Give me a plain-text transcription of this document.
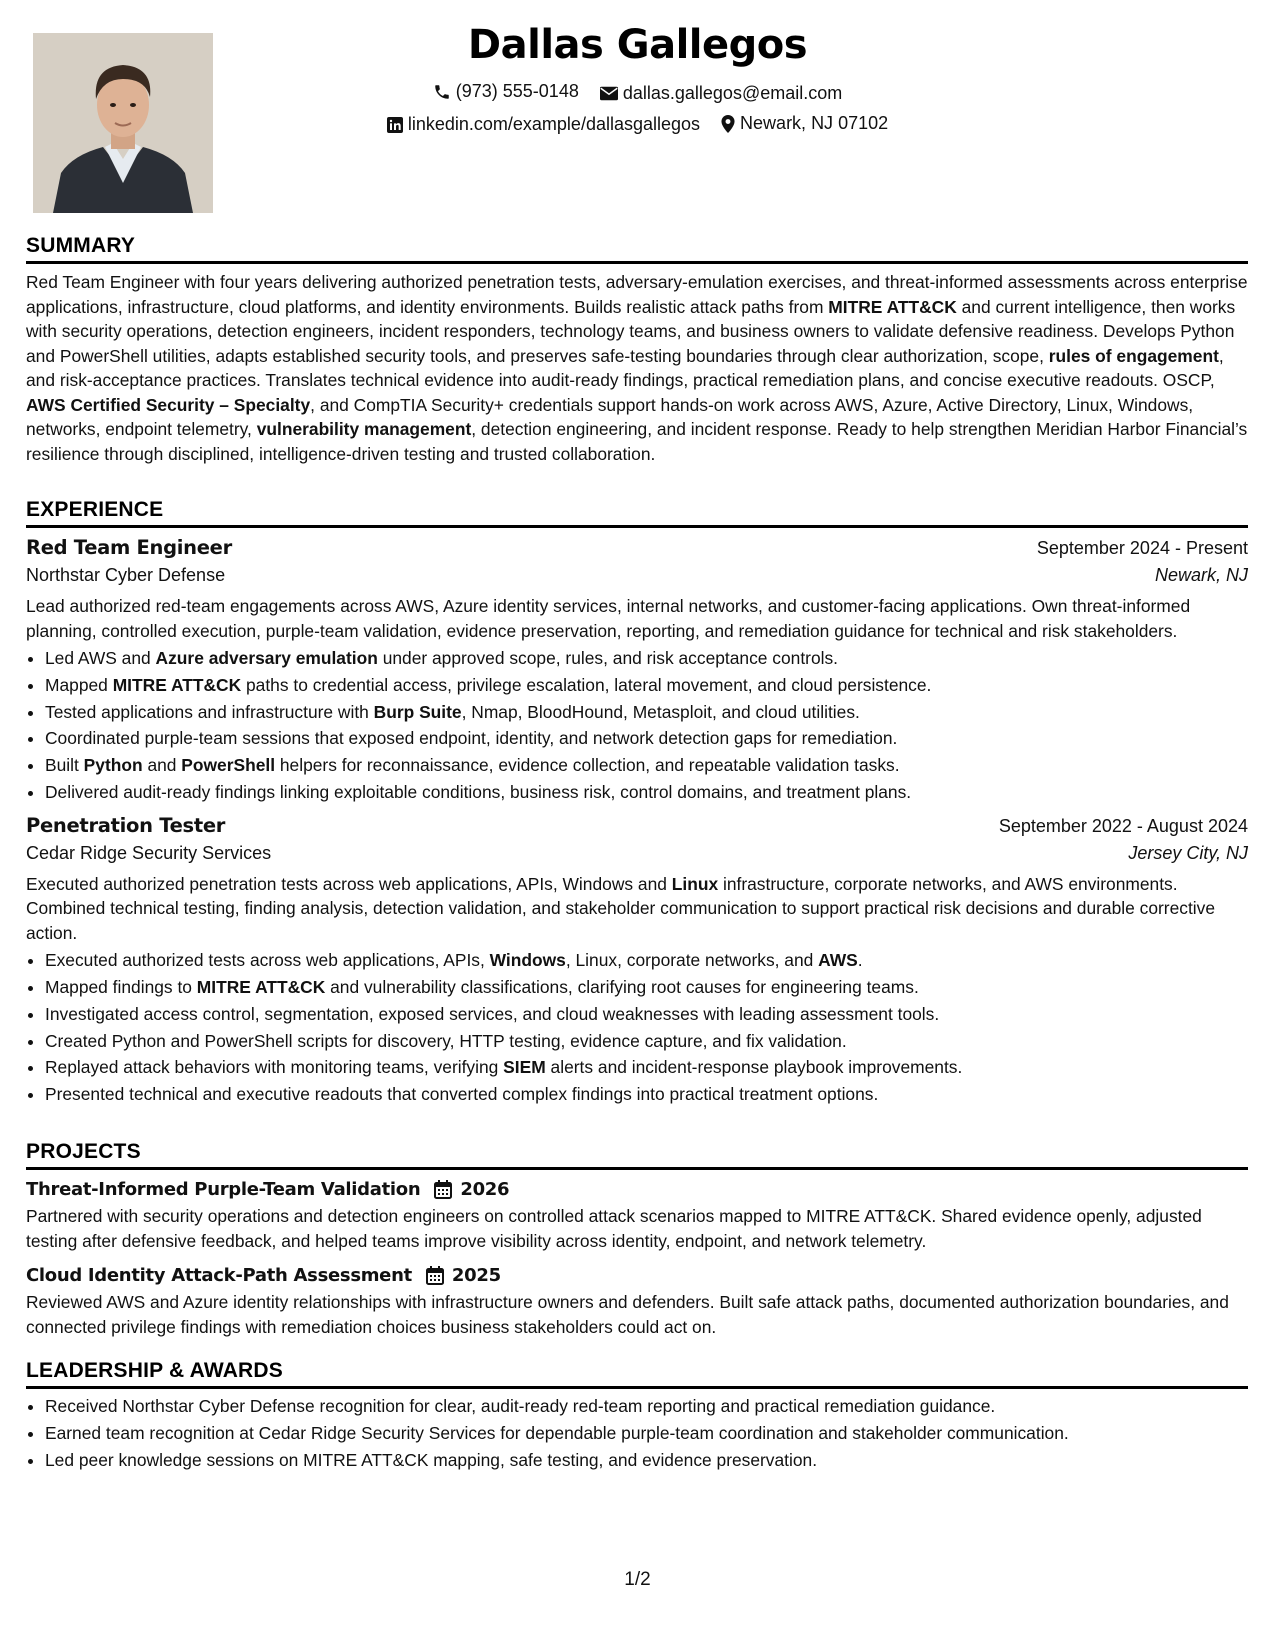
Dallas Gallegos
(973) 555-0148
dallas.gallegos@email.com
linkedin.com/example/dallasgallegos
Newark, NJ 07102
SUMMARY

Red Team Engineer with four years delivering authorized penetration tests, adversary-emulation exercises, and threat-informed assessments across enterprise applications, infrastructure, cloud platforms, and identity environments. Builds realistic attack paths from MITRE ATT&CK and current intelligence, then works with security operations, detection engineers, incident responders, technology teams, and business owners to validate defensive readiness. Develops Python and PowerShell utilities, adapts established security tools, and preserves safe-testing boundaries through clear authorization, scope, rules of engagement, and risk-acceptance practices. Translates technical evidence into audit-ready findings, practical remediation plans, and concise executive readouts. OSCP, AWS Certified Security – Specialty, and CompTIA Security+ credentials support hands-on work across AWS, Azure, Active Directory, Linux, Windows, networks, endpoint telemetry, vulnerability management, detection engineering, and incident response. Ready to help strengthen Meridian Harbor Financial’s resilience through disciplined, intelligence-driven testing and trusted collaboration.

EXPERIENCE
Red Team Engineer	September 2024 - Present
Northstar Cyber Defense	Newark, NJ

Lead authorized red-team engagements across AWS, Azure identity services, internal networks, and customer-facing applications. Own threat-informed planning, controlled execution, purple-team validation, evidence preservation, reporting, and remediation guidance for technical and risk stakeholders.

• Led AWS and Azure adversary emulation under approved scope, rules, and risk acceptance controls.
• Mapped MITRE ATT&CK paths to credential access, privilege escalation, lateral movement, and cloud persistence.
• Tested applications and infrastructure with Burp Suite, Nmap, BloodHound, Metasploit, and cloud utilities.
• Coordinated purple-team sessions that exposed endpoint, identity, and network detection gaps for remediation.
• Built Python and PowerShell helpers for reconnaissance, evidence collection, and repeatable validation tasks.
• Delivered audit-ready findings linking exploitable conditions, business risk, control domains, and treatment plans.
Penetration Tester	September 2022 - August 2024
Cedar Ridge Security Services	Jersey City, NJ

Executed authorized penetration tests across web applications, APIs, Windows and Linux infrastructure, corporate networks, and AWS environments. Combined technical testing, finding analysis, detection validation, and stakeholder communication to support practical risk decisions and durable corrective action.

• Executed authorized tests across web applications, APIs, Windows, Linux, corporate networks, and AWS.
• Mapped findings to MITRE ATT&CK and vulnerability classifications, clarifying root causes for engineering teams.
• Investigated access control, segmentation, exposed services, and cloud weaknesses with leading assessment tools.
• Created Python and PowerShell scripts for discovery, HTTP testing, evidence capture, and fix validation.
• Replayed attack behaviors with monitoring teams, verifying SIEM alerts and incident-response playbook improvements.
• Presented technical and executive readouts that converted complex findings into practical treatment options.
PROJECTS
Threat-Informed Purple-Team Validation 2026

Partnered with security operations and detection engineers on controlled attack scenarios mapped to MITRE ATT&CK. Shared evidence openly, adjusted testing after defensive feedback, and helped teams improve visibility across identity, endpoint, and network telemetry.

Cloud Identity Attack-Path Assessment 2025

Reviewed AWS and Azure identity relationships with infrastructure owners and defenders. Built safe attack paths, documented authorization boundaries, and connected privilege findings with remediation choices business stakeholders could act on.

LEADERSHIP & AWARDS
• Received Northstar Cyber Defense recognition for clear, audit-ready red-team reporting and practical remediation guidance.
• Earned team recognition at Cedar Ridge Security Services for dependable purple-team coordination and stakeholder communication.
• Led peer knowledge sessions on MITRE ATT&CK mapping, safe testing, and evidence preservation.
1/2
